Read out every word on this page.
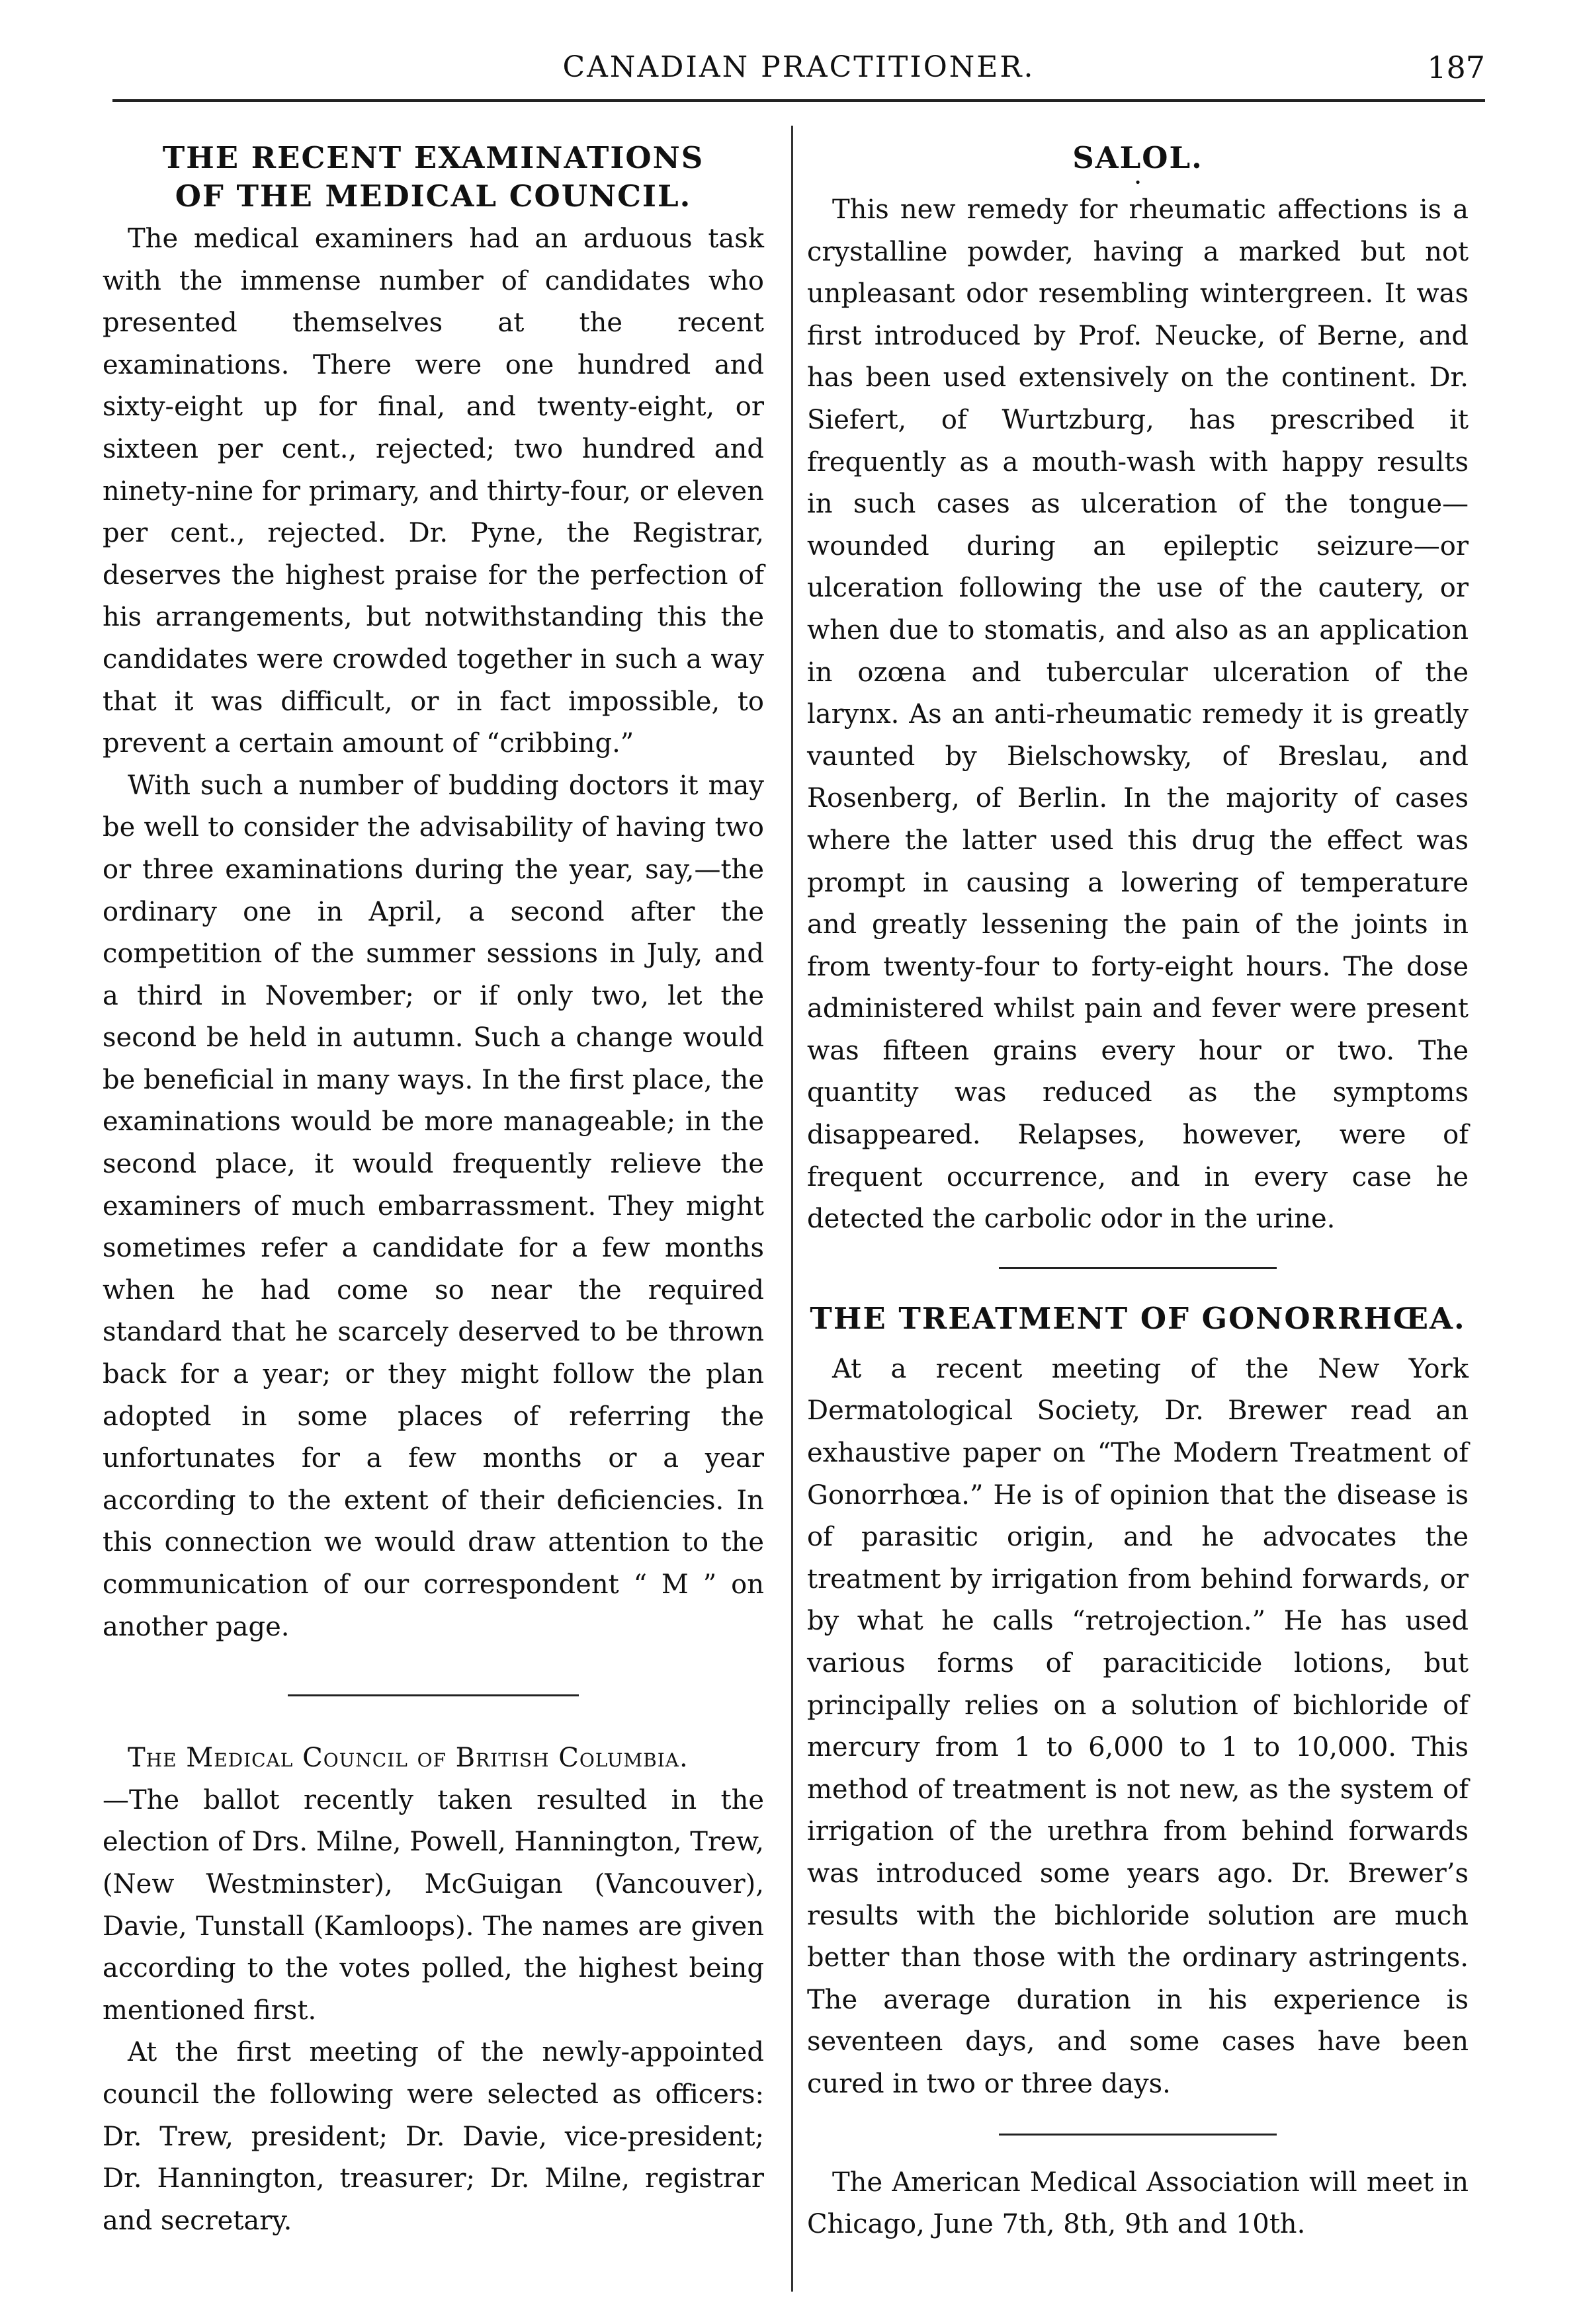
CANADIAN PRACTITIONER.	187
THE RECENT EXAMINATIONS OF THE MEDICAL COUNCIL.

The medical examiners had an arduous task with the immense number of candidates who presented themselves at the recent examinations. There were one hundred and sixty-eight up for final, and twenty-eight, or sixteen per cent., rejected; two hundred and ninety-nine for primary, and thirty-four, or eleven per cent., rejected. Dr. Pyne, the Registrar, deserves the highest praise for the perfection of his arrangements, but notwithstanding this the candidates were crowded together in such a way that it was difficult, or in fact impossible, to prevent a certain amount of “cribbing.”

With such a number of budding doctors it may be well to consider the advisability of having two or three examinations during the year, say,—the ordinary one in April, a second after the competition of the summer sessions in July, and a third in November; or if only two, let the second be held in autumn. Such a change would be beneficial in many ways. In the first place, the examinations would be more manageable; in the second place, it would frequently relieve the examiners of much embarrassment. They might sometimes refer a candidate for a few months when he had come so near the required standard that he scarcely deserved to be thrown back for a year; or they might follow the plan adopted in some places of referring the unfortunates for a few months or a year according to the extent of their deficiencies. In this connection we would draw attention to the communication of our correspondent “ M ” on another page.

The Medical Council of British Columbia.
—The ballot recently taken resulted in the election of Drs. Milne, Powell, Hannington, Trew, (New Westminster), McGuigan (Vancouver), Davie, Tunstall (Kamloops). The names are given according to the votes polled, the highest being mentioned first.

At the first meeting of the newly-appointed council the following were selected as officers: Dr. Trew, president; Dr. Davie, vice-president; Dr. Hannington, treasurer; Dr. Milne, registrar and secretary.

SALOL.
•

This new remedy for rheumatic affections is a crystalline powder, having a marked but not unpleasant odor resembling wintergreen. It was first introduced by Prof. Neucke, of Berne, and has been used extensively on the continent. Dr. Siefert, of Wurtzburg, has prescribed it frequently as a mouth-wash with happy results in such cases as ulceration of the tongue—wounded during an epileptic seizure—or ulceration following the use of the cautery, or when due to stomatis, and also as an application in ozœna and tubercular ulceration of the larynx. As an anti-rheumatic remedy it is greatly vaunted by Bielschowsky, of Breslau, and Rosenberg, of Berlin. In the majority of cases where the latter used this drug the effect was prompt in causing a lowering of temperature and greatly lessening the pain of the joints in from twenty-four to forty-eight hours. The dose administered whilst pain and fever were present was fifteen grains every hour or two. The quantity was reduced as the symptoms disappeared. Relapses, however, were of frequent occurrence, and in every case he detected the carbolic odor in the urine.

THE TREATMENT OF GONORRHŒA.

At a recent meeting of the New York Dermatological Society, Dr. Brewer read an exhaustive paper on “The Modern Treatment of Gonorrhœa.” He is of opinion that the disease is of parasitic origin, and he advocates the treatment by irrigation from behind forwards, or by what he calls “retrojection.” He has used various forms of paraciticide lotions, but principally relies on a solution of bichloride of mercury from 1 to 6,000 to 1 to 10,000. This method of treatment is not new, as the system of irrigation of the urethra from behind forwards was introduced some years ago. Dr. Brewer’s results with the bichloride solution are much better than those with the ordinary astringents. The average duration in his experience is seventeen days, and some cases have been cured in two or three days.

The American Medical Association will meet in Chicago, June 7th, 8th, 9th and 10th.
